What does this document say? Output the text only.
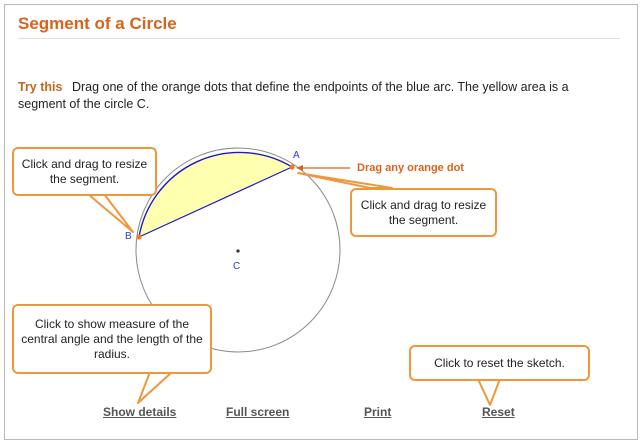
Segment of a Circle
Try this Drag one of the orange dots that define the endpoints of the blue arc. The yellow area is a segment of the circle C.
A
B
C
Drag any orange dot
Click and drag to resize the segment.
Click and drag to resize the segment.
Click to show measure of the central angle and the length of the radius.
Click to reset the sketch.
Show details	Full screen	Print	Reset
